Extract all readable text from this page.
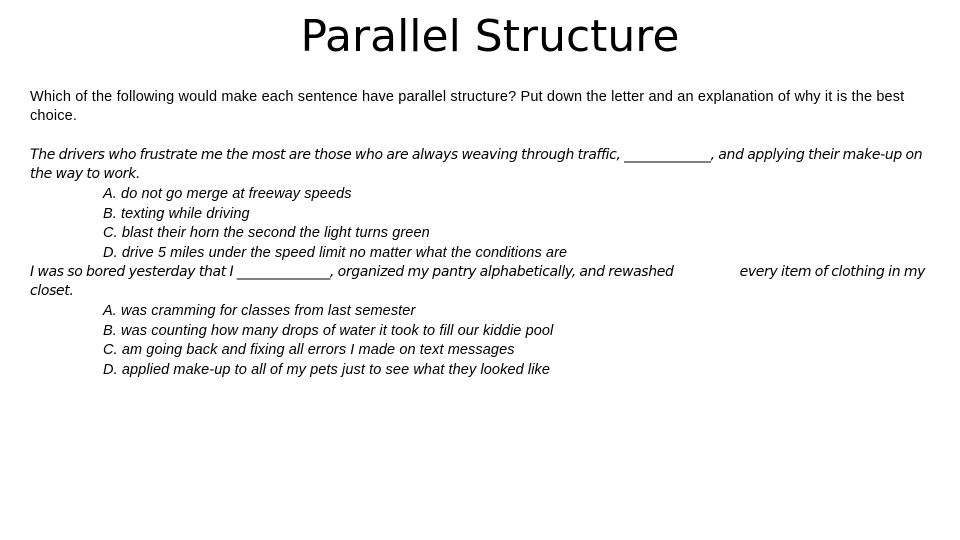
Parallel Structure
Which of the following would make each sentence have parallel structure? Put down the letter and an explanation of why it is the best choice.
The drivers who frustrate me the most are those who are always weaving through traffic, _____________, and applying their make-up on the way to work.
A. do not go merge at freeway speeds
B. texting while driving
C. blast their horn the second the light turns green
D. drive 5 miles under the speed limit no matter what the conditions are
I was so bored yesterday that I ______________, organized my pantry alphabetically, and rewashed	every item of clothing in my closet.
A. was cramming for classes from last semester
B. was counting how many drops of water it took to fill our kiddie pool
C. am going back and fixing all errors I made on text messages
D. applied make-up to all of my pets just to see what they looked like
